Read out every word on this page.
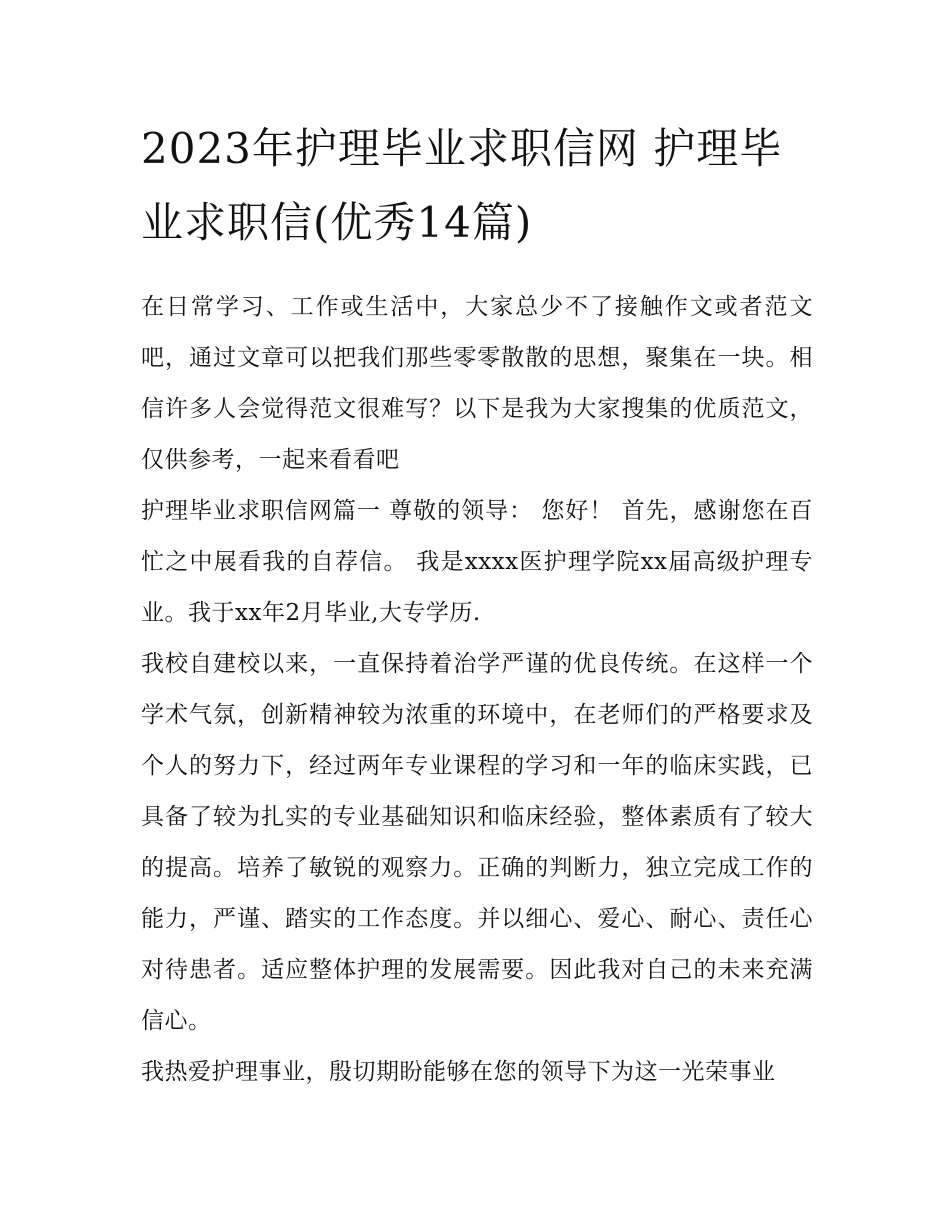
2023年护理毕业求职信网 护理毕业求职信(优秀14篇)

在日常学习、工作或生活中，大家总少不了接触作文或者范文吧，通过文章可以把我们那些零零散散的思想，聚集在一块。相信许多人会觉得范文很难写？以下是我为大家搜集的优质范文，仅供参考，一起来看看吧

护理毕业求职信网篇一 尊敬的领导： 您好！ 首先，感谢您在百忙之中展看我的自荐信。 我是xxxx医护理学院xx届高级护理专业。我于xx年2月毕业,大专学历.

我校自建校以来，一直保持着治学严谨的优良传统。在这样一个学术气氛，创新精神较为浓重的环境中，在老师们的严格要求及个人的努力下，经过两年专业课程的学习和一年的临床实践，已具备了较为扎实的专业基础知识和临床经验，整体素质有了较大的提高。培养了敏锐的观察力。正确的判断力，独立完成工作的能力，严谨、踏实的工作态度。并以细心、爱心、耐心、责任心对待患者。适应整体护理的发展需要。因此我对自己的未来充满信心。

我热爱护理事业，殷切期盼能够在您的领导下为这一光荣事业
